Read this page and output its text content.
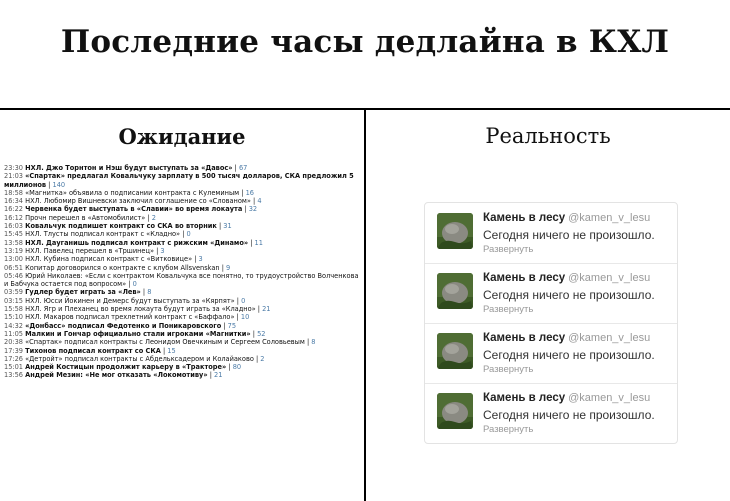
Последние часы дедлайна в КХЛ
Ожидание	Реальность
23:30 НХЛ. Джо Торнтон и Нэш будут выступать за «Давос» | 67
21:03 «Спартак» предлагал Ковальчуку зарплату в 500 тысяч долларов, СКА предложил 5 миллионов | 140
18:58 «Магнитка» объявила о подписании контракта с Кулеминым | 16
16:34 НХЛ. Любомир Вишневски заключил соглашение со «Слованом» | 4
16:22 Червенка будет выступать в «Славии» во время локаута | 32
16:12 Прочн перешел в «Автомобилист» | 2
16:03 Ковальчук подпишет контракт со СКА во вторник | 31
15:45 НХЛ. Тлусты подписал контракт с «Кладно» | 0
13:58 НХЛ. Дауганишь подписал контракт с рижским «Динамо» | 11
13:19 НХЛ. Павелец перешел в «Тршинец» | 3
13:00 НХЛ. Кубина подписал контракт с «Витковице» | 3
06:51 Копитар договорился о контракте с клубом Allsvenskan | 9
05:46 Юрий Николаев: «Если с контрактом Ковальчука все понятно, то трудоустройство Волченкова и Бабчука остается под вопросом» | 0
03:59 Гудлер будет играть за «Лев» | 8
03:15 НХЛ. Юсси Йокинен и Демерс будут выступать за «Кярпят» | 0
15:58 НХЛ. Ягр и Плеханец во время локаута будут играть за «Кладно» | 21
15:10 НХЛ. Макаров подписал трехлетний контракт с «Баффало» | 10
14:32 «Донбасс» подписал Федотенко и Поникаровского | 75
11:05 Малкин и Гончар официально стали игроками «Магнитки» | 52
20:38 «Спартак» подписал контракты с Леонидом Овечкиным и Сергеем Соловьевым | 8
17:39 Тихонов подписал контракт со СКА | 15
17:26 «Детройт» подписал контракты с Абдельксадером и Колайаково | 2
15:01 Андрей Костицын продолжит карьеру в «Тракторе» | 80
13:56 Андрей Мезин: «Не мог отказать «Локомотиву» | 21
Камень в лесу @kamen_v_lesu
Сегодня ничего не произошло.
Развернуть
Камень в лесу @kamen_v_lesu
Сегодня ничего не произошло.
Развернуть
Камень в лесу @kamen_v_lesu
Сегодня ничего не произошло.
Развернуть
Камень в лесу @kamen_v_lesu
Сегодня ничего не произошло.
Развернуть
